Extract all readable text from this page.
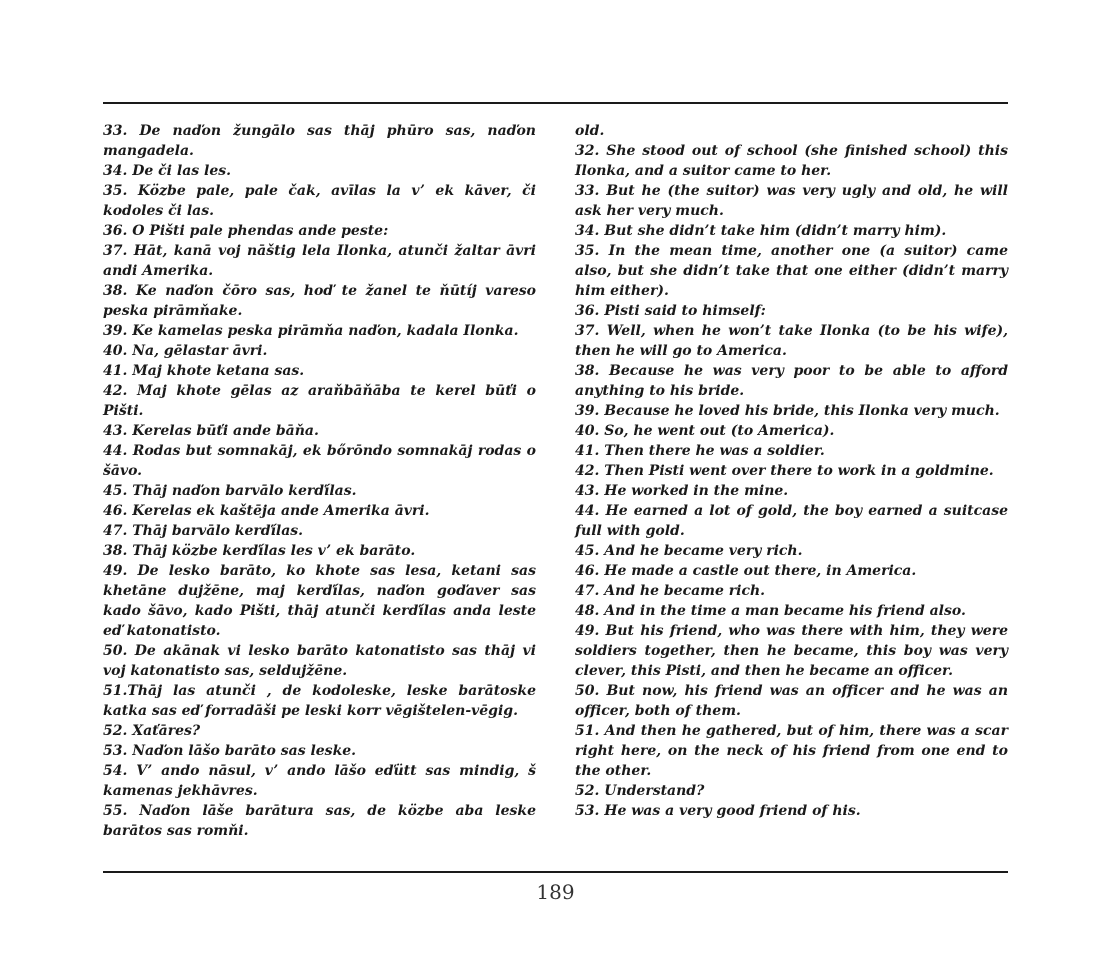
33. De naďon žungālo sas thāj phūro sas, naďon mangadela.
34. De či las les.
35. Közbe pale, pale čak, avīlas la v’ ek kāver, či kodoles či las.
36. O Pišti pale phendas ande peste:
37. Hāt, kanā voj nāštig lela Ilonka, atunči žaltar āvri andi Amerika.
38. Ke naďon čōro sas, hoď te žanel te ňūtíj vareso peska pirāmňake.
39. Ke kamelas peska pirāmňa naďon, kadala Ilonka.
40. Na, gēlastar āvri.
41. Maj khote ketana sas.
42. Maj khote gēlas az araňbāňāba te kerel būťi o Pišti.
43. Kerelas būťi ande bāňa.
44. Rodas but somnakāj, ek bőrōndo somnakāj rodas o šāvo.
45. Thāj naďon barvālo kerďílas.
46. Kerelas ek kaštēja ande Amerika āvri.
47. Thāj barvālo kerďílas.
38. Thāj közbe kerďílas les v’ ek barāto.
49. De lesko barāto, ko khote sas lesa, ketani sas khetāne dujžēne, maj kerďílas, naďon goďaver sas kado šāvo, kado Pišti, thāj atunči kerďílas anda leste eď katonatisto.
50. De akānak vi lesko barāto katonatisto sas thāj vi voj katonatisto sas, seldujžēne.
51.Thāj las atunči , de kodoleske, leske barātoske katka sas eď forradāši pe leski korr vēgištelen-vēgig.
52. Xaťāres?
53. Naďon lāšo barāto sas leske.
54. V’ ando nāsul, v’ ando lāšo eďütt sas mindig, š kamenas jekhāvres.
55. Naďon lāše barātura sas, de közbe aba leske barātos sas romňi.
old.
32. She stood out of school (she finished school) this Ilonka, and a suitor came to her.
33. But he (the suitor) was very ugly and old, he will ask her very much.
34. But she didn’t take him (didn’t marry him).
35. In the mean time, another one (a suitor) came also, but she didn’t take that one either (didn’t marry him either).
36. Pisti said to himself:
37. Well, when he won’t take Ilonka (to be his wife), then he will go to America.
38. Because he was very poor to be able to afford anything to his bride.
39. Because he loved his bride, this Ilonka very much.
40. So, he went out (to America).
41. Then there he was a soldier.
42. Then Pisti went over there to work in a goldmine.
43. He worked in the mine.
44. He earned a lot of gold, the boy earned a suitcase full with gold.
45. And he became very rich.
46. He made a castle out there, in America.
47. And he became rich.
48. And in the time a man became his friend also.
49. But his friend, who was there with him, they were soldiers together, then he became, this boy was very clever, this Pisti, and then he became an officer.
50. But now, his friend was an officer and he was an officer, both of them.
51. And then he gathered, but of him, there was a scar right here, on the neck of his friend from one end to the other.
52. Understand?
53. He was a very good friend of his.
189
